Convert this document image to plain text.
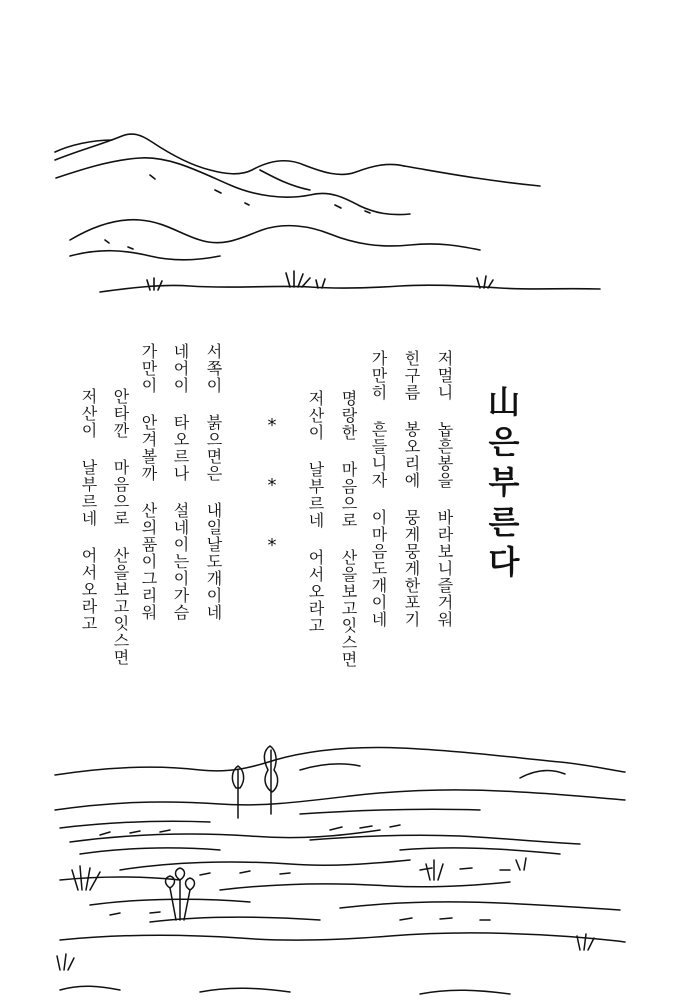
山은부른다
저멀니 놉흔봉을 바라보니즐거워
힌구름 봉오리에 뭉게뭉게한포기
가만히 흔들니자 이마음도개이네
명랑한 마음으로 산을보고잇스면
저산이 날부르네 어서오라고
*
*
*
서쪽이 붉으면은 내일날도개이네
네어이 타오르나 설네이는이가슴
가만이 안겨볼까 산의품이그리워
안타깐 마음으로 산을보고잇스면
저산이 날부르네 어서오라고
